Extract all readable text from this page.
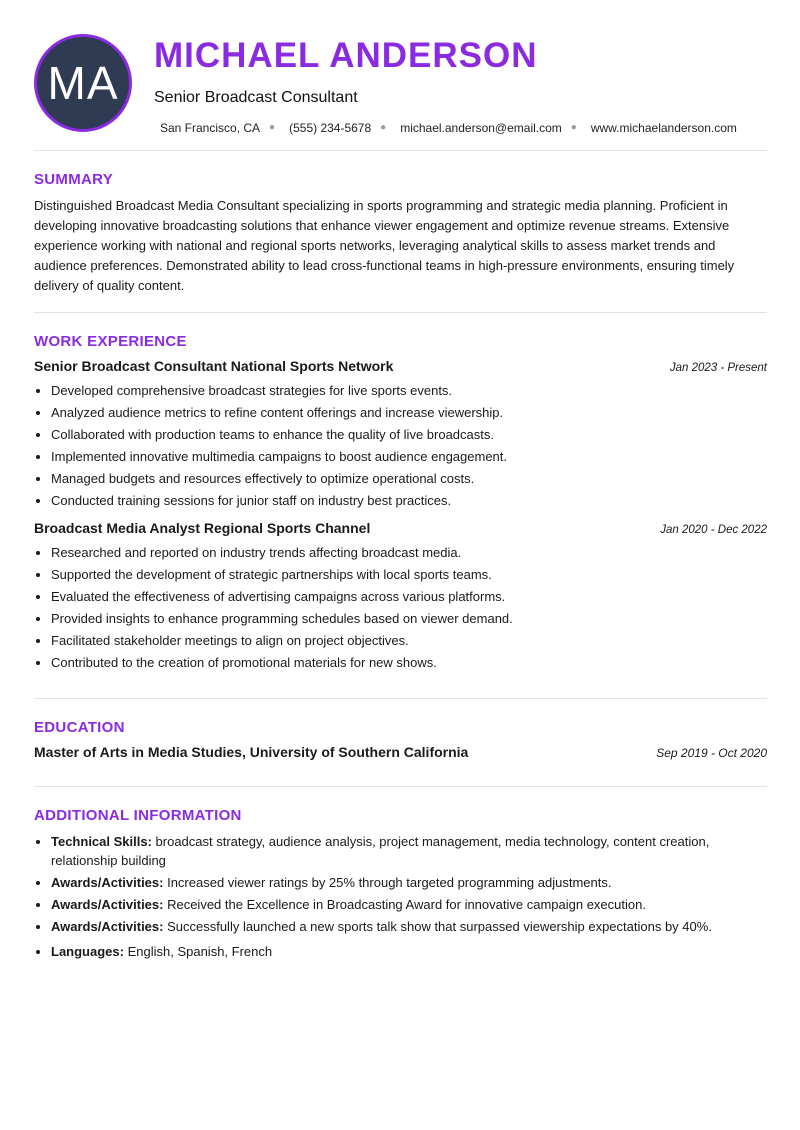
MA
MICHAEL ANDERSON
Senior Broadcast Consultant
San Francisco, CA ● (555) 234-5678 ● michael.anderson@email.com ● www.michaelanderson.com
SUMMARY

Distinguished Broadcast Media Consultant specializing in sports programming and strategic media planning. Proficient in developing innovative broadcasting solutions that enhance viewer engagement and optimize revenue streams. Extensive experience working with national and regional sports networks, leveraging analytical skills to assess market trends and audience preferences. Demonstrated ability to lead cross-functional teams in high-pressure environments, ensuring timely delivery of quality content.

WORK EXPERIENCE
Senior Broadcast Consultant National Sports Network	Jan 2023 - Present
• Developed comprehensive broadcast strategies for live sports events.
• Analyzed audience metrics to refine content offerings and increase viewership.
• Collaborated with production teams to enhance the quality of live broadcasts.
• Implemented innovative multimedia campaigns to boost audience engagement.
• Managed budgets and resources effectively to optimize operational costs.
• Conducted training sessions for junior staff on industry best practices.
Broadcast Media Analyst Regional Sports Channel	Jan 2020 - Dec 2022
• Researched and reported on industry trends affecting broadcast media.
• Supported the development of strategic partnerships with local sports teams.
• Evaluated the effectiveness of advertising campaigns across various platforms.
• Provided insights to enhance programming schedules based on viewer demand.
• Facilitated stakeholder meetings to align on project objectives.
• Contributed to the creation of promotional materials for new shows.
EDUCATION
Master of Arts in Media Studies, University of Southern California	Sep 2019 - Oct 2020
ADDITIONAL INFORMATION
• Technical Skills: broadcast strategy, audience analysis, project management, media technology, content creation, relationship building
• Awards/Activities: Increased viewer ratings by 25% through targeted programming adjustments.
• Awards/Activities: Received the Excellence in Broadcasting Award for innovative campaign execution.
• Awards/Activities: Successfully launched a new sports talk show that surpassed viewership expectations by 40%.
• Languages: English, Spanish, French
